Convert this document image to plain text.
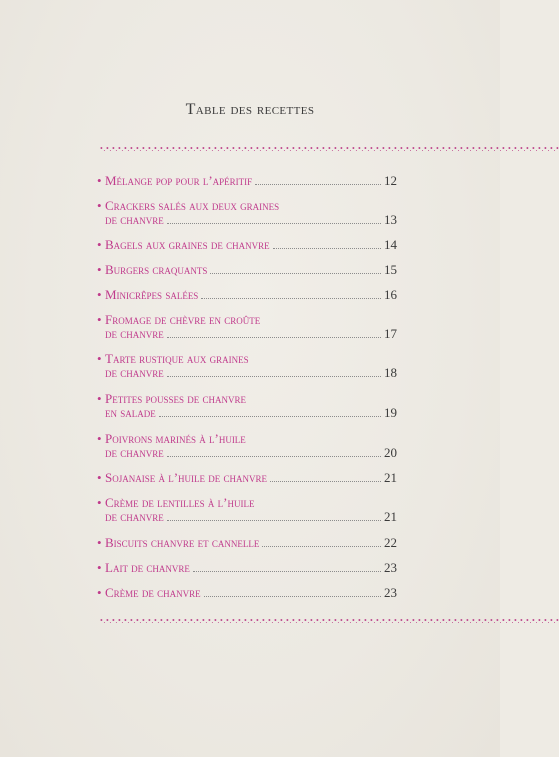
Table des recettes
•.•.•.•.•.•.•.•.•.•.•.•.•.•.•.•.•.•.•.•.•.•.•.•.•.•.•.•.•.•.•.•.•.•.•.•.•.•.•.•.•.•.•.•.•.•.•.•.•.•.•.•.•.•.•.•.•.•.•.•.•.•.•.•.•.•.•.•.•.•.•.•.•.•.•.•.•
• Mélange pop pour l’apéritif	12
• Crackers salés aux deux graines
de chanvre	13
• Bagels aux graines de chanvre	14
• Burgers craquants	15
• Minicrêpes salées	16
• Fromage de chèvre en croûte
de chanvre	17
• Tarte rustique aux graines
de chanvre	18
• Petites pousses de chanvre
en salade	19
• Poivrons marinés à l’huile
de chanvre	20
• Sojanaise à l’huile de chanvre	21
• Crème de lentilles à l’huile
de chanvre	21
• Biscuits chanvre et cannelle	22
• Lait de chanvre	23
• Crème de chanvre	23
•.•.•.•.•.•.•.•.•.•.•.•.•.•.•.•.•.•.•.•.•.•.•.•.•.•.•.•.•.•.•.•.•.•.•.•.•.•.•.•.•.•.•.•.•.•.•.•.•.•.•.•.•.•.•.•.•.•.•.•.•.•.•.•.•.•.•.•.•.•.•.•.•.•.•.•.•
